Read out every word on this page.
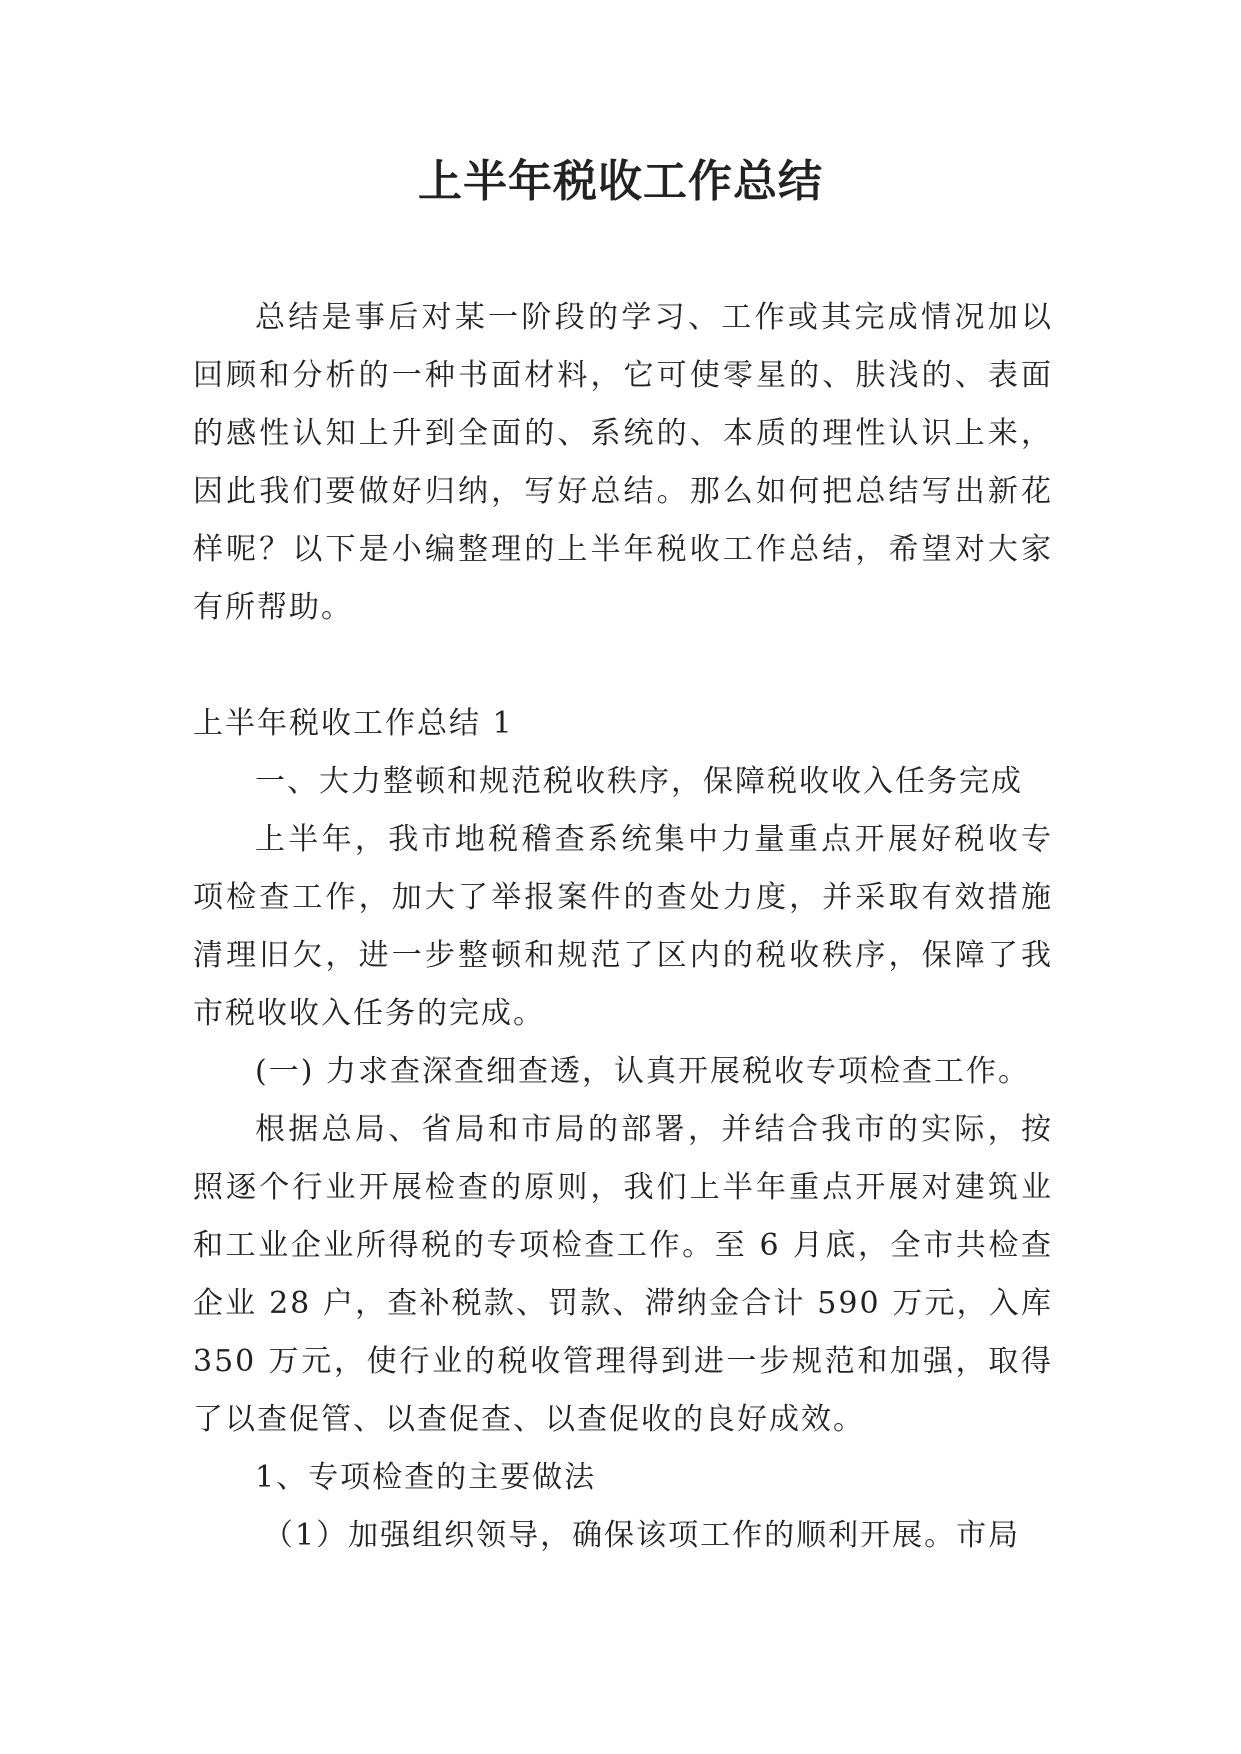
上半年税收工作总结

总结是事后对某一阶段的学习、工作或其完成情况加以回顾和分析的一种书面材料，它可使零星的、肤浅的、表面的感性认知上升到全面的、系统的、本质的理性认识上来，因此我们要做好归纳，写好总结。那么如何把总结写出新花样呢？以下是小编整理的上半年税收工作总结，希望对大家有所帮助。

上半年税收工作总结 1

一、大力整顿和规范税收秩序，保障税收收入任务完成

上半年，我市地税稽查系统集中力量重点开展好税收专项检查工作，加大了举报案件的查处力度，并采取有效措施清理旧欠，进一步整顿和规范了区内的税收秩序，保障了我市税收收入任务的完成。

(一) 力求查深查细查透，认真开展税收专项检查工作。

根据总局、省局和市局的部署，并结合我市的实际，按照逐个行业开展检查的原则，我们上半年重点开展对建筑业和工业企业所得税的专项检查工作。至 6 月底，全市共检查企业 28 户，查补税款、罚款、滞纳金合计 590 万元，入库 350 万元，使行业的税收管理得到进一步规范和加强，取得了以查促管、以查促查、以查促收的良好成效。

1、专项检查的主要做法

（1）加强组织领导，确保该项工作的顺利开展。市局
